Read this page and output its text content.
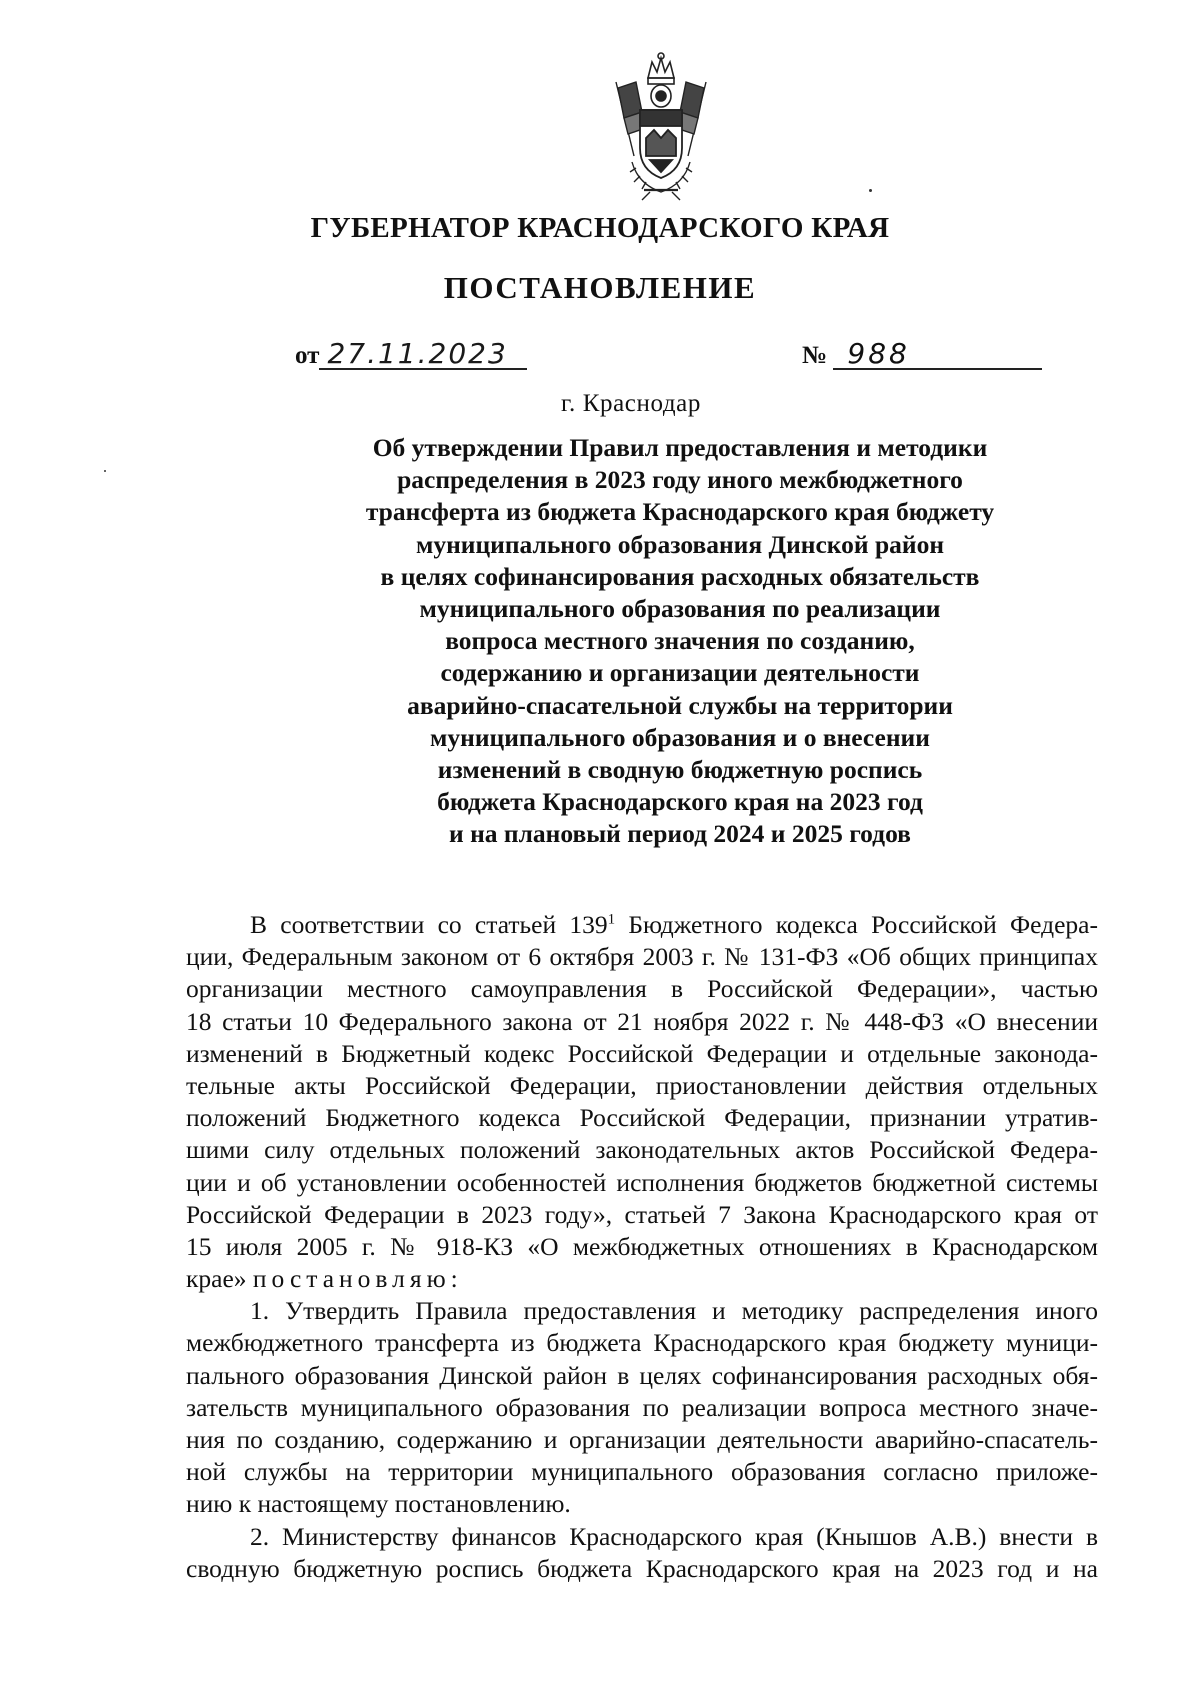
ГУБЕРНАТОР КРАСНОДАРСКОГО КРАЯ
ПОСТАНОВЛЕНИЕ
от 27.11.2023	№ 988
г. Краснодар
Об утверждении Правил предоставления и методики
распределения в 2023 году иного межбюджетного
трансферта из бюджета Краснодарского края бюджету
муниципального образования Динской район
в целях софинансирования расходных обязательств
муниципального образования по реализации
вопроса местного значения по созданию,
содержанию и организации деятельности
аварийно-спасательной службы на территории
муниципального образования и о внесении
изменений в сводную бюджетную роспись
бюджета Краснодарского края на 2023 год
и на плановый период 2024 и 2025 годов
В соответствии со статьей $139^1$ Бюджетного кодекса Российской Федера-
ции, Федеральным законом от 6 октября 2003 г. № 131-ФЗ «Об общих принципах
организации местного самоуправления в Российской Федерации», частью
18 статьи 10 Федерального закона от 21 ноября 2022 г. № 448-ФЗ «О внесении
изменений в Бюджетный кодекс Российской Федерации и отдельные законода-
тельные акты Российской Федерации, приостановлении действия отдельных
положений Бюджетного кодекса Российской Федерации, признании утратив-
шими силу отдельных положений законодательных актов Российской Федера-
ции и об установлении особенностей исполнения бюджетов бюджетной системы
Российской Федерации в 2023 году», статьей 7 Закона Краснодарского края от
15 июля 2005 г. № 918-КЗ «О межбюджетных отношениях в Краснодарском
крае» постановляю:
1. Утвердить Правила предоставления и методику распределения иного
межбюджетного трансферта из бюджета Краснодарского края бюджету муници-
пального образования Динской район в целях софинансирования расходных обя-
зательств муниципального образования по реализации вопроса местного значе-
ния по созданию, содержанию и организации деятельности аварийно-спасатель-
ной службы на территории муниципального образования согласно приложе-
нию к настоящему постановлению.
2. Министерству финансов Краснодарского края (Кнышов А.В.) внести в
сводную бюджетную роспись бюджета Краснодарского края на 2023 год и на
